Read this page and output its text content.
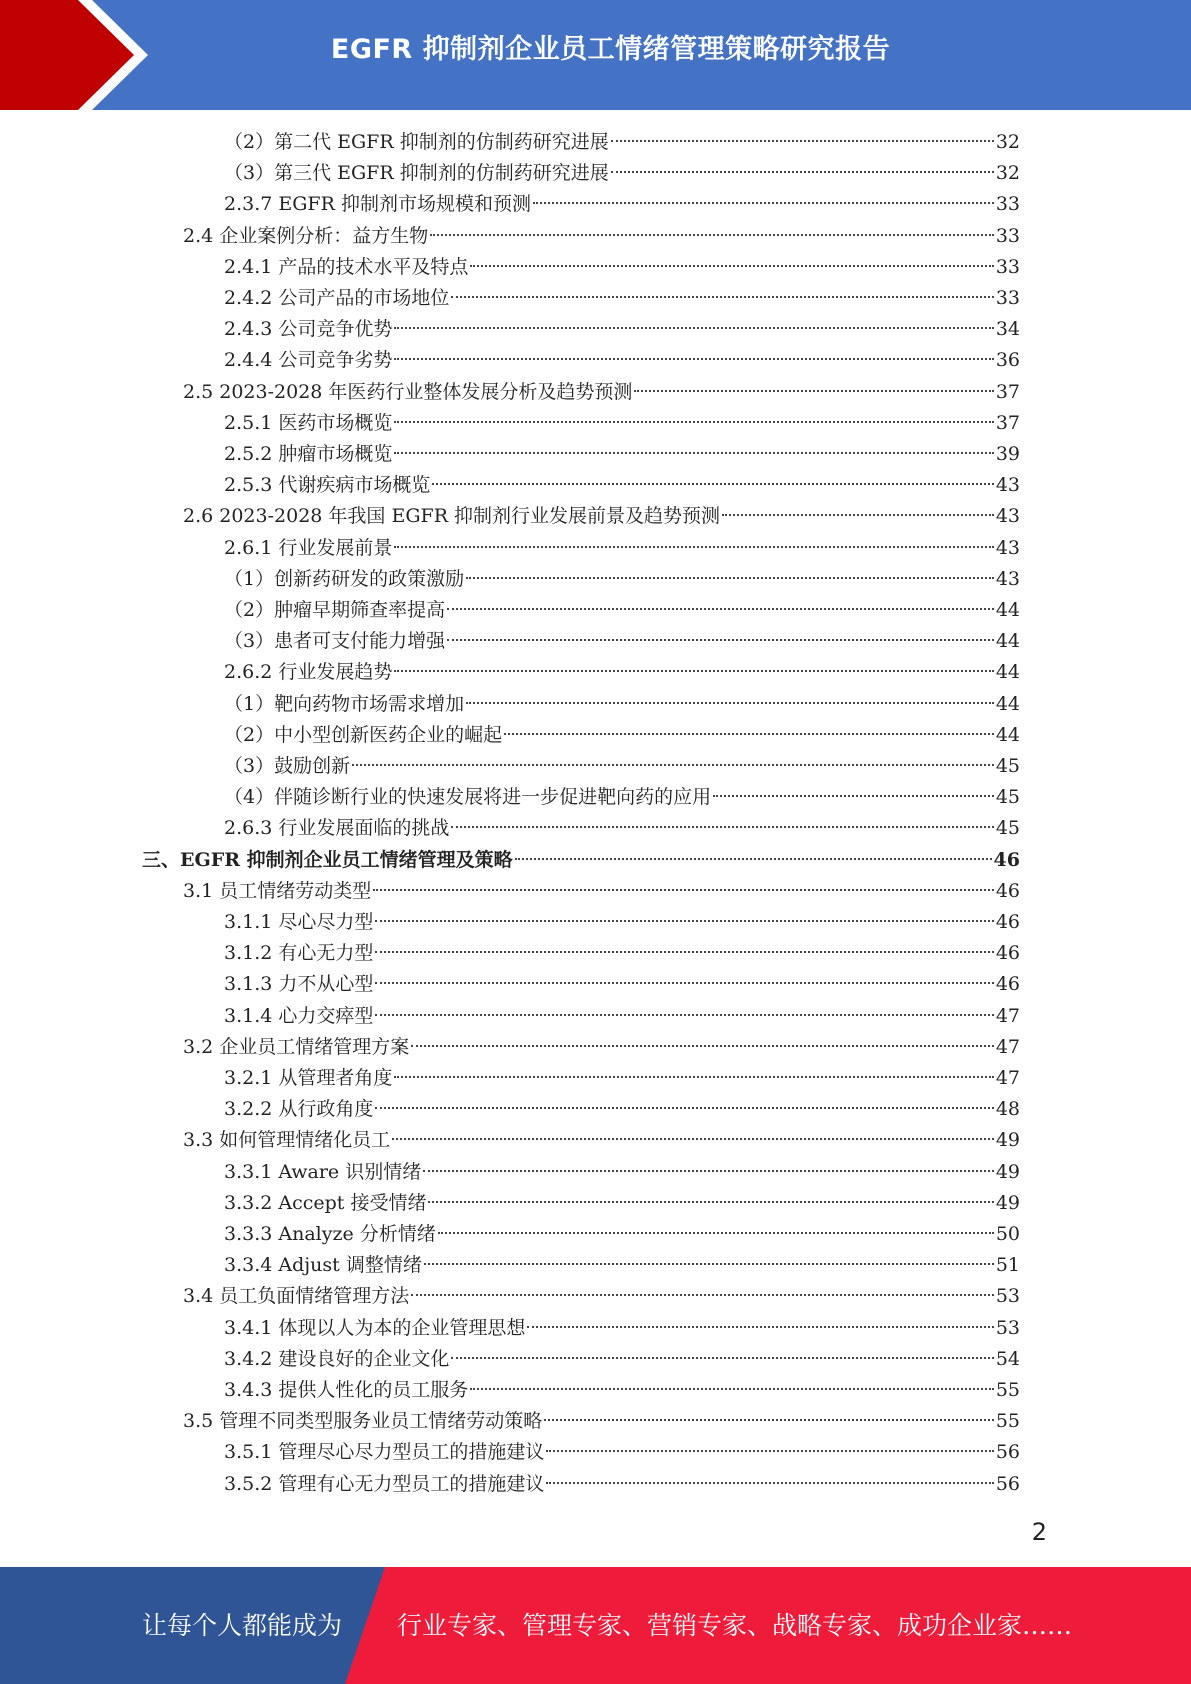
EGFR 抑制剂企业员工情绪管理策略研究报告
（2）第二代 EGFR 抑制剂的仿制药研究进展	32
（3）第三代 EGFR 抑制剂的仿制药研究进展	32
2.3.7 EGFR 抑制剂市场规模和预测	33
2.4 企业案例分析：益方生物	33
2.4.1 产品的技术水平及特点	33
2.4.2 公司产品的市场地位	33
2.4.3 公司竞争优势	34
2.4.4 公司竞争劣势	36
2.5 2023-2028 年医药行业整体发展分析及趋势预测	37
2.5.1 医药市场概览	37
2.5.2 肿瘤市场概览	39
2.5.3 代谢疾病市场概览	43
2.6 2023-2028 年我国 EGFR 抑制剂行业发展前景及趋势预测	43
2.6.1 行业发展前景	43
（1）创新药研发的政策激励	43
（2）肿瘤早期筛查率提高	44
（3）患者可支付能力增强	44
2.6.2 行业发展趋势	44
（1）靶向药物市场需求增加	44
（2）中小型创新医药企业的崛起	44
（3）鼓励创新	45
（4）伴随诊断行业的快速发展将进一步促进靶向药的应用	45
2.6.3 行业发展面临的挑战	45
三、EGFR 抑制剂企业员工情绪管理及策略	46
3.1 员工情绪劳动类型	46
3.1.1 尽心尽力型	46
3.1.2 有心无力型	46
3.1.3 力不从心型	46
3.1.4 心力交瘁型	47
3.2 企业员工情绪管理方案	47
3.2.1 从管理者角度	47
3.2.2 从行政角度	48
3.3 如何管理情绪化员工	49
3.3.1 Aware 识别情绪	49
3.3.2 Accept 接受情绪	49
3.3.3 Analyze 分析情绪	50
3.3.4 Adjust 调整情绪	51
3.4 员工负面情绪管理方法	53
3.4.1 体现以人为本的企业管理思想	53
3.4.2 建设良好的企业文化	54
3.4.3 提供人性化的员工服务	55
3.5 管理不同类型服务业员工情绪劳动策略	55
3.5.1 管理尽心尽力型员工的措施建议	56
3.5.2 管理有心无力型员工的措施建议	56
2
让每个人都能成为 行业专家、管理专家、营销专家、战略专家、成功企业家……
